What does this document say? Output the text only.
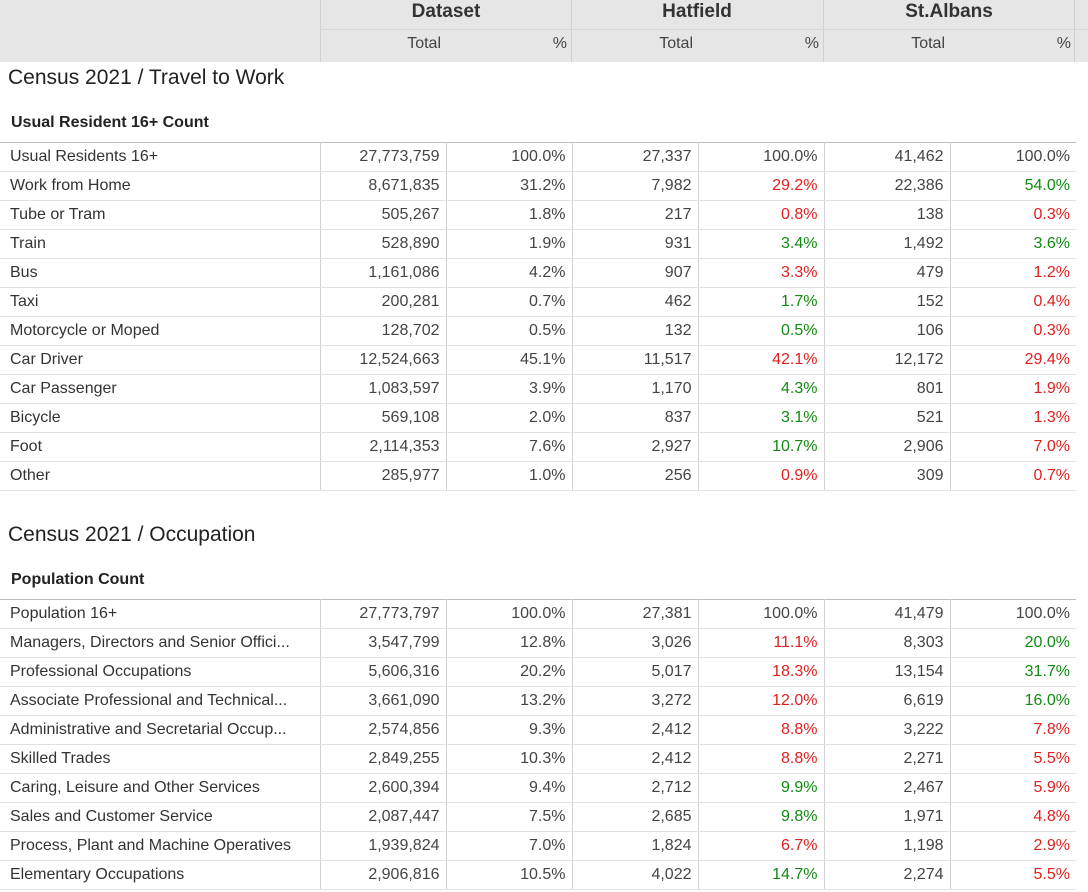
Dataset	Hatfield	St.Albans
Total	%	Total	%	Total	%
Census 2021 / Travel to Work
Usual Resident 16+ Count
Usual Residents 16+	27,773,759	100.0%	27,337	100.0%	41,462	100.0%
Work from Home	8,671,835	31.2%	7,982	29.2%	22,386	54.0%
Tube or Tram	505,267	1.8%	217	0.8%	138	0.3%
Train	528,890	1.9%	931	3.4%	1,492	3.6%
Bus	1,161,086	4.2%	907	3.3%	479	1.2%
Taxi	200,281	0.7%	462	1.7%	152	0.4%
Motorcycle or Moped	128,702	0.5%	132	0.5%	106	0.3%
Car Driver	12,524,663	45.1%	11,517	42.1%	12,172	29.4%
Car Passenger	1,083,597	3.9%	1,170	4.3%	801	1.9%
Bicycle	569,108	2.0%	837	3.1%	521	1.3%
Foot	2,114,353	7.6%	2,927	10.7%	2,906	7.0%
Other	285,977	1.0%	256	0.9%	309	0.7%
Census 2021 / Occupation
Population Count
Population 16+	27,773,797	100.0%	27,381	100.0%	41,479	100.0%
Managers, Directors and Senior Offici...	3,547,799	12.8%	3,026	11.1%	8,303	20.0%
Professional Occupations	5,606,316	20.2%	5,017	18.3%	13,154	31.7%
Associate Professional and Technical...	3,661,090	13.2%	3,272	12.0%	6,619	16.0%
Administrative and Secretarial Occup...	2,574,856	9.3%	2,412	8.8%	3,222	7.8%
Skilled Trades	2,849,255	10.3%	2,412	8.8%	2,271	5.5%
Caring, Leisure and Other Services	2,600,394	9.4%	2,712	9.9%	2,467	5.9%
Sales and Customer Service	2,087,447	7.5%	2,685	9.8%	1,971	4.8%
Process, Plant and Machine Operatives	1,939,824	7.0%	1,824	6.7%	1,198	2.9%
Elementary Occupations	2,906,816	10.5%	4,022	14.7%	2,274	5.5%
